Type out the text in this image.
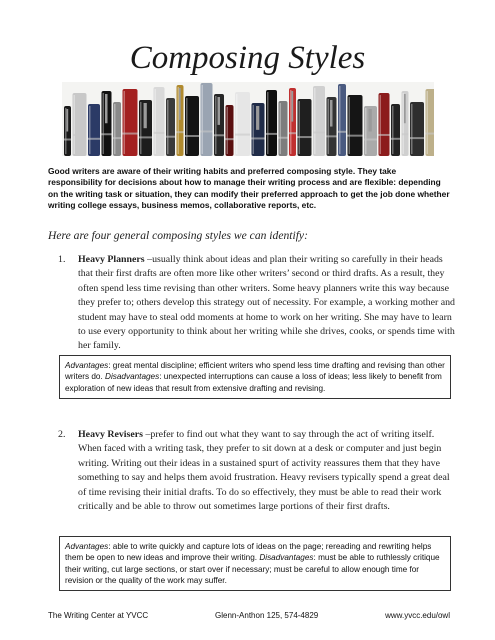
Composing Styles
Good writers are aware of their writing habits and preferred composing style. They take responsibility for decisions about how to manage their writing process and are flexible: depending on the writing task or situation, they can modify their preferred approach to get the job done whether writing college essays, business memos, collaborative reports, etc.
Here are four general composing styles we can identify:
1. Heavy Planners –usually think about ideas and plan their writing so carefully in their heads that their first drafts are often more like other writers’ second or third drafts. As a result, they often spend less time revising than other writers. Some heavy planners write this way because they prefer to; others develop this strategy out of necessity. For example, a working mother and student may have to steal odd moments at home to work on her writing. She may have to learn to use every opportunity to think about her writing while she drives, cooks, or spends time with her family.
Advantages: great mental discipline; efficient writers who spend less time drafting and revising than other writers do. Disadvantages: unexpected interruptions can cause a loss of ideas; less likely to benefit from exploration of new ideas that result from extensive drafting and revising.
2. Heavy Revisers –prefer to find out what they want to say through the act of writing itself. When faced with a writing task, they prefer to sit down at a desk or computer and just begin writing. Writing out their ideas in a sustained spurt of activity reassures them that they have something to say and helps them avoid frustration. Heavy revisers typically spend a great deal of time revising their initial drafts. To do so effectively, they must be able to read their work critically and be able to throw out sometimes large portions of their first drafts.
Advantages: able to write quickly and capture lots of ideas on the page; rereading and rewriting helps them be open to new ideas and improve their writing. Disadvantages: must be able to ruthlessly critique their writing, cut large sections, or start over if necessary; must be careful to allow enough time for revision or the quality of the work may suffer.
The Writing Center at YVCC	Glenn-Anthon 125, 574-4829	www.yvcc.edu/owl
